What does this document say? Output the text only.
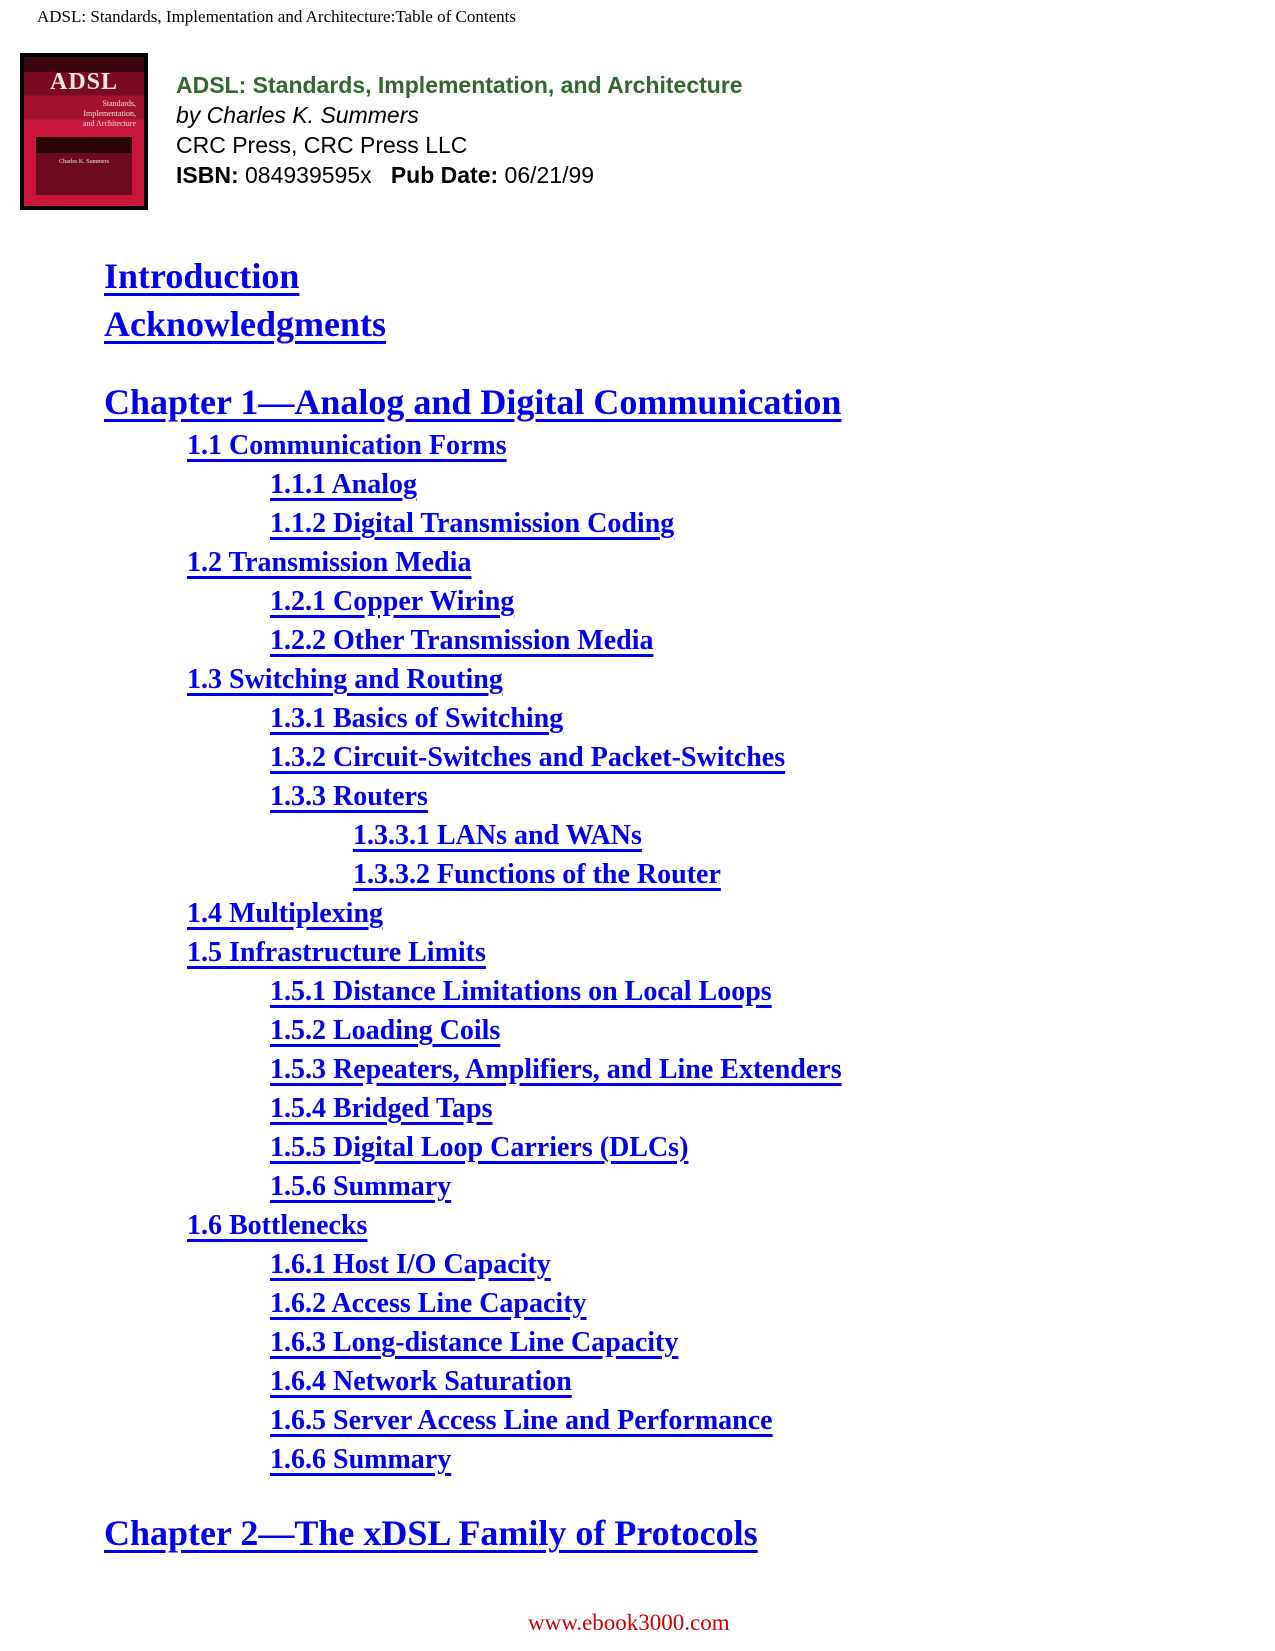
ADSL: Standards, Implementation and Architecture:Table of Contents
ADSL
Standards,
Implementation,
and Architecture
Charles K. Summers
ADSL: Standards, Implementation, and Architecture
by Charles K. Summers
CRC Press, CRC Press LLC
ISBN: 084939595x Pub Date: 06/21/99
Introduction
Acknowledgments
Chapter 1—Analog and Digital Communication
1.1 Communication Forms
1.1.1 Analog
1.1.2 Digital Transmission Coding
1.2 Transmission Media
1.2.1 Copper Wiring
1.2.2 Other Transmission Media
1.3 Switching and Routing
1.3.1 Basics of Switching
1.3.2 Circuit-Switches and Packet-Switches
1.3.3 Routers
1.3.3.1 LANs and WANs
1.3.3.2 Functions of the Router
1.4 Multiplexing
1.5 Infrastructure Limits
1.5.1 Distance Limitations on Local Loops
1.5.2 Loading Coils
1.5.3 Repeaters, Amplifiers, and Line Extenders
1.5.4 Bridged Taps
1.5.5 Digital Loop Carriers (DLCs)
1.5.6 Summary
1.6 Bottlenecks
1.6.1 Host I/O Capacity
1.6.2 Access Line Capacity
1.6.3 Long-distance Line Capacity
1.6.4 Network Saturation
1.6.5 Server Access Line and Performance
1.6.6 Summary
Chapter 2—The xDSL Family of Protocols
www.ebook3000.com
